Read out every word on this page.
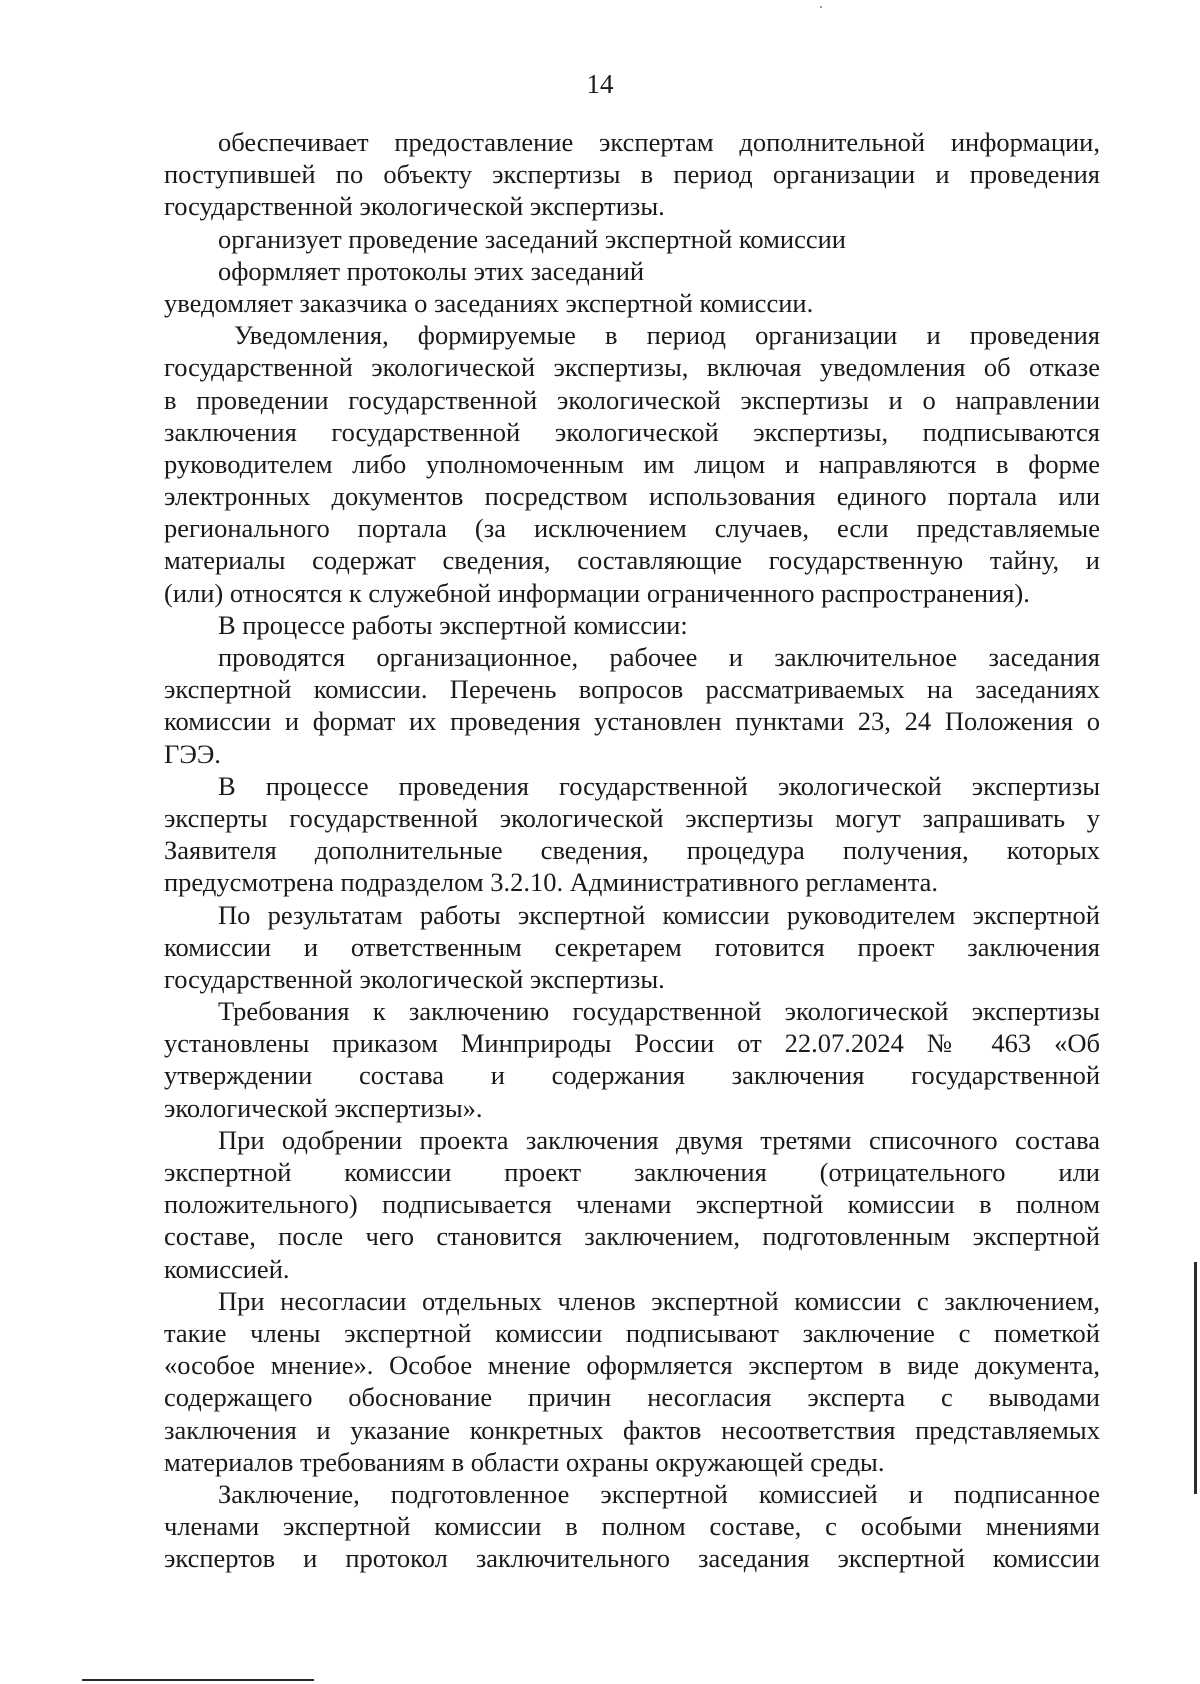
14
обеспечивает предоставление экспертам дополнительной информации,
поступившей по объекту экспертизы в период организации и проведения
государственной экологической экспертизы.
организует проведение заседаний экспертной комиссии
оформляет протоколы этих заседаний
уведомляет заказчика о заседаниях экспертной комиссии.
Уведомления, формируемые в период организации и проведения
государственной экологической экспертизы, включая уведомления об отказе
в проведении государственной экологической экспертизы и о направлении
заключения государственной экологической экспертизы, подписываются
руководителем либо уполномоченным им лицом и направляются в форме
электронных документов посредством использования единого портала или
регионального портала (за исключением случаев, если представляемые
материалы содержат сведения, составляющие государственную тайну, и
(или) относятся к служебной информации ограниченного распространения).
В процессе работы экспертной комиссии:
проводятся организационное, рабочее и заключительное заседания
экспертной комиссии. Перечень вопросов рассматриваемых на заседаниях
комиссии и формат их проведения установлен пунктами 23, 24 Положения о
ГЭЭ.
В процессе проведения государственной экологической экспертизы
эксперты государственной экологической экспертизы могут запрашивать у
Заявителя дополнительные сведения, процедура получения, которых
предусмотрена подразделом 3.2.10. Административного регламента.
По результатам работы экспертной комиссии руководителем экспертной
комиссии и ответственным секретарем готовится проект заключения
государственной экологической экспертизы.
Требования к заключению государственной экологической экспертизы
установлены приказом Минприроды России от 22.07.2024 № 463 «Об
утверждении состава и содержания заключения государственной
экологической экспертизы».
При одобрении проекта заключения двумя третями списочного состава
экспертной комиссии проект заключения (отрицательного или
положительного) подписывается членами экспертной комиссии в полном
составе, после чего становится заключением, подготовленным экспертной
комиссией.
При несогласии отдельных членов экспертной комиссии с заключением,
такие члены экспертной комиссии подписывают заключение с пометкой
«особое мнение». Особое мнение оформляется экспертом в виде документа,
содержащего обоснование причин несогласия эксперта с выводами
заключения и указание конкретных фактов несоответствия представляемых
материалов требованиям в области охраны окружающей среды.
Заключение, подготовленное экспертной комиссией и подписанное
членами экспертной комиссии в полном составе, с особыми мнениями
экспертов и протокол заключительного заседания экспертной комиссии
